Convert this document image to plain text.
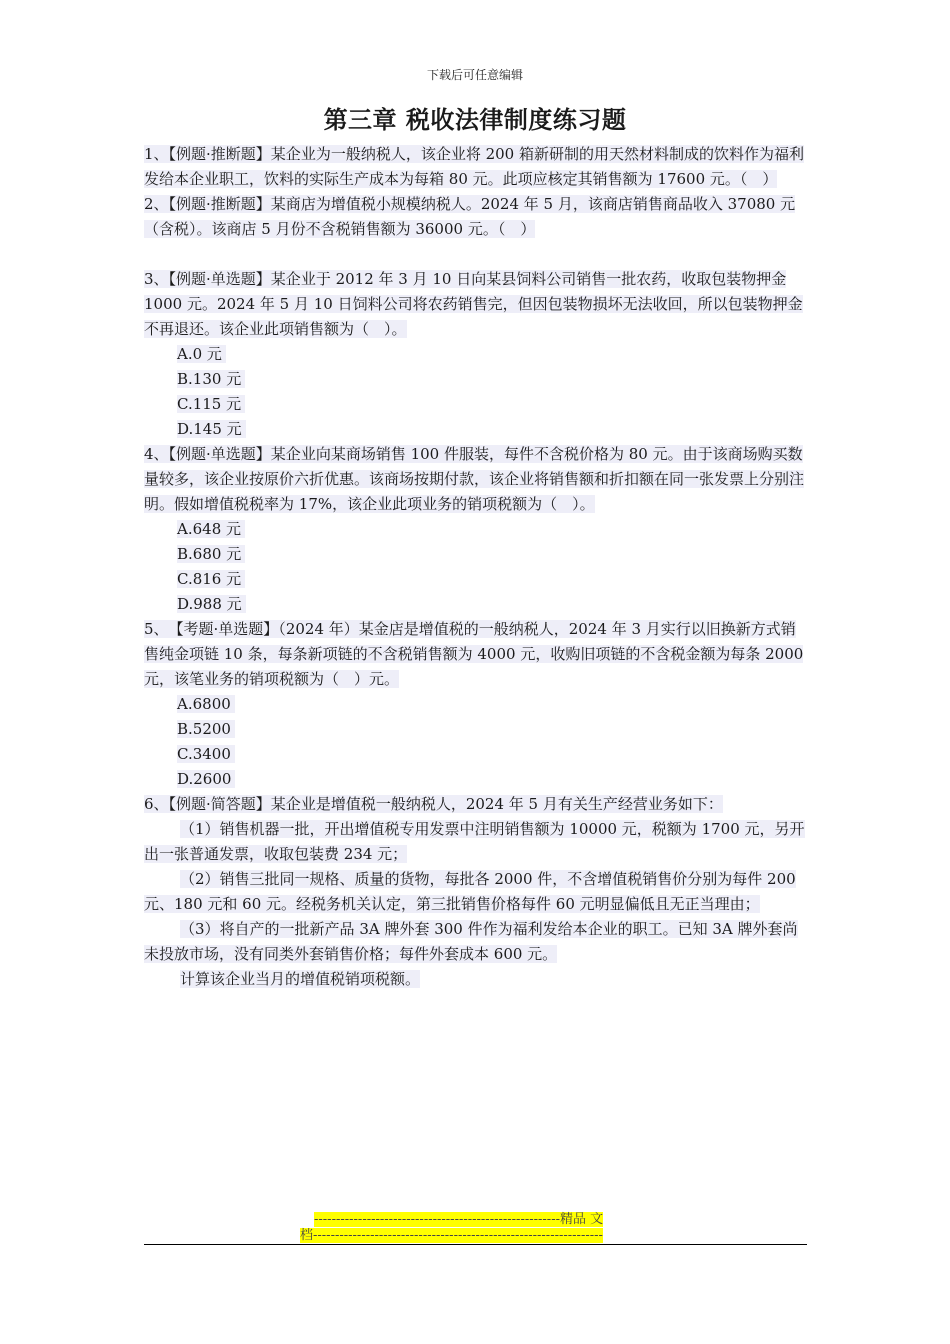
下载后可任意编辑
第三章 税收法律制度练习题

1、【例题·推断题】某企业为一般纳税人，该企业将 200 箱新研制的用天然材料制成的饮料作为福利发给本企业职工，饮料的实际生产成本为每箱 80 元。此项应核定其销售额为 17600 元。（　）

2、【例题·推断题】某商店为增值税小规模纳税人。2024 年 5 月，该商店销售商品收入 37080 元（含税）。该商店 5 月份不含税销售额为 36000 元。（　）

3、【例题·单选题】某企业于 2012 年 3 月 10 日向某县饲料公司销售一批农药，收取包装物押金 1000 元。2024 年 5 月 10 日饲料公司将农药销售完，但因包装物损坏无法收回，所以包装物押金不再退还。该企业此项销售额为（　）。

A.0 元

B.130 元

C.115 元

D.145 元

4、【例题·单选题】某企业向某商场销售 100 件服装，每件不含税价格为 80 元。由于该商场购买数量较多，该企业按原价六折优惠。该商场按期付款，该企业将销售额和折扣额在同一张发票上分别注明。假如增值税税率为 17%，该企业此项业务的销项税额为（　）。

A.648 元

B.680 元

C.816 元

D.988 元

5、　【考题·单选题】（2024 年）某金店是增值税的一般纳税人，2024 年 3 月实行以旧换新方式销售纯金项链 10 条，每条新项链的不含税销售额为 4000 元，收购旧项链的不含税金额为每条 2000 元，该笔业务的销项税额为（　）元。

A.6800

B.5200

C.3400

D.2600

6、【例题·简答题】某企业是增值税一般纳税人，2024 年 5 月有关生产经营业务如下：

（1）销售机器一批，开出增值税专用发票中注明销售额为 10000 元，税额为 1700 元，另开出一张普通发票，收取包装费 234 元；

（2）销售三批同一规格、质量的货物，每批各 2000 件，不含增值税销售价分别为每件 200 元、180 元和 60 元。经税务机关认定，第三批销售价格每件 60 元明显偏低且无正当理由；

（3）将自产的一批新产品 3A 牌外套 300 件作为福利发给本企业的职工。已知 3A 牌外套尚未投放市场，没有同类外套销售价格；每件外套成本 600 元。

计算该企业当月的增值税销项税额。

--------------------------------------------------------精品 文
档------------------------------------------------------------------
